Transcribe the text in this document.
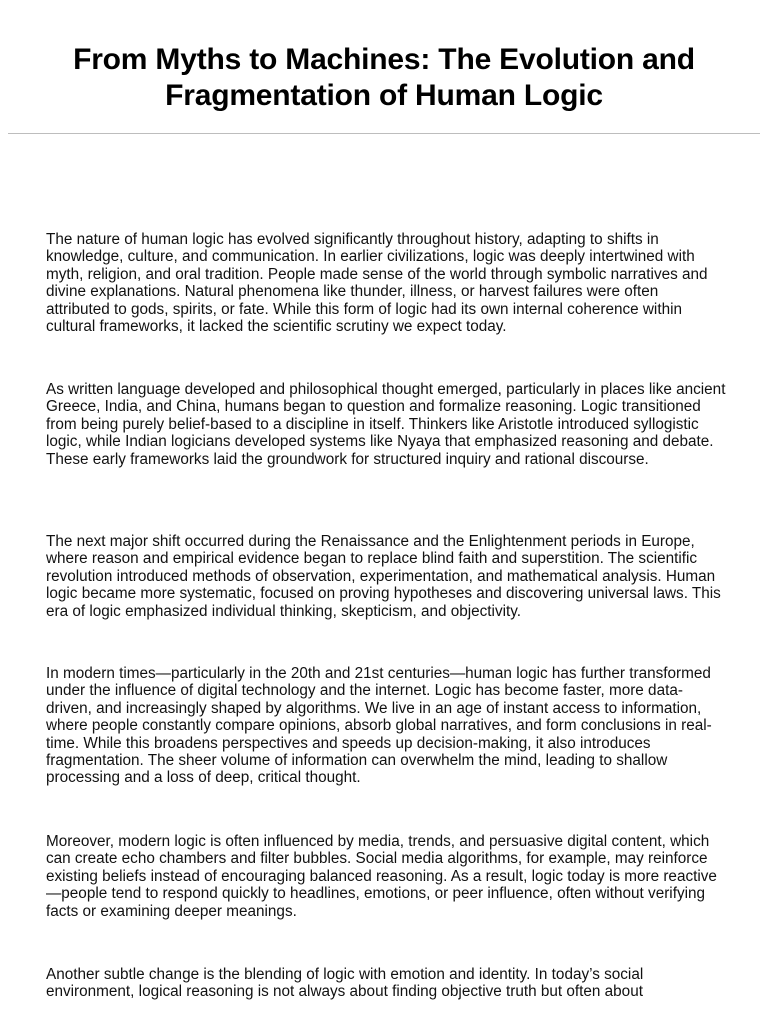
From Myths to Machines: The Evolution and Fragmentation of Human Logic

The nature of human logic has evolved significantly throughout history, adapting to shifts in knowledge, culture, and communication. In earlier civilizations, logic was deeply intertwined with myth, religion, and oral tradition. People made sense of the world through symbolic narratives and divine explanations. Natural phenomena like thunder, illness, or harvest failures were often attributed to gods, spirits, or fate. While this form of logic had its own internal coherence within cultural frameworks, it lacked the scientific scrutiny we expect today.

As written language developed and philosophical thought emerged, particularly in places like ancient Greece, India, and China, humans began to question and formalize reasoning. Logic transitioned from being purely belief-based to a discipline in itself. Thinkers like Aristotle introduced syllogistic logic, while Indian logicians developed systems like Nyaya that emphasized reasoning and debate. These early frameworks laid the groundwork for structured inquiry and rational discourse.

The next major shift occurred during the Renaissance and the Enlightenment periods in Europe, where reason and empirical evidence began to replace blind faith and superstition. The scientific revolution introduced methods of observation, experimentation, and mathematical analysis. Human logic became more systematic, focused on proving hypotheses and discovering universal laws. This era of logic emphasized individual thinking, skepticism, and objectivity.

In modern times—particularly in the 20th and 21st centuries—human logic has further transformed under the influence of digital technology and the internet. Logic has become faster, more data-driven, and increasingly shaped by algorithms. We live in an age of instant access to information, where people constantly compare opinions, absorb global narratives, and form conclusions in real-time. While this broadens perspectives and speeds up decision-making, it also introduces fragmentation. The sheer volume of information can overwhelm the mind, leading to shallow processing and a loss of deep, critical thought.

Moreover, modern logic is often influenced by media, trends, and persuasive digital content, which can create echo chambers and filter bubbles. Social media algorithms, for example, may reinforce existing beliefs instead of encouraging balanced reasoning. As a result, logic today is more reactive—people tend to respond quickly to headlines, emotions, or peer influence, often without verifying facts or examining deeper meanings.

Another subtle change is the blending of logic with emotion and identity. In today’s social environment, logical reasoning is not always about finding objective truth but often about
